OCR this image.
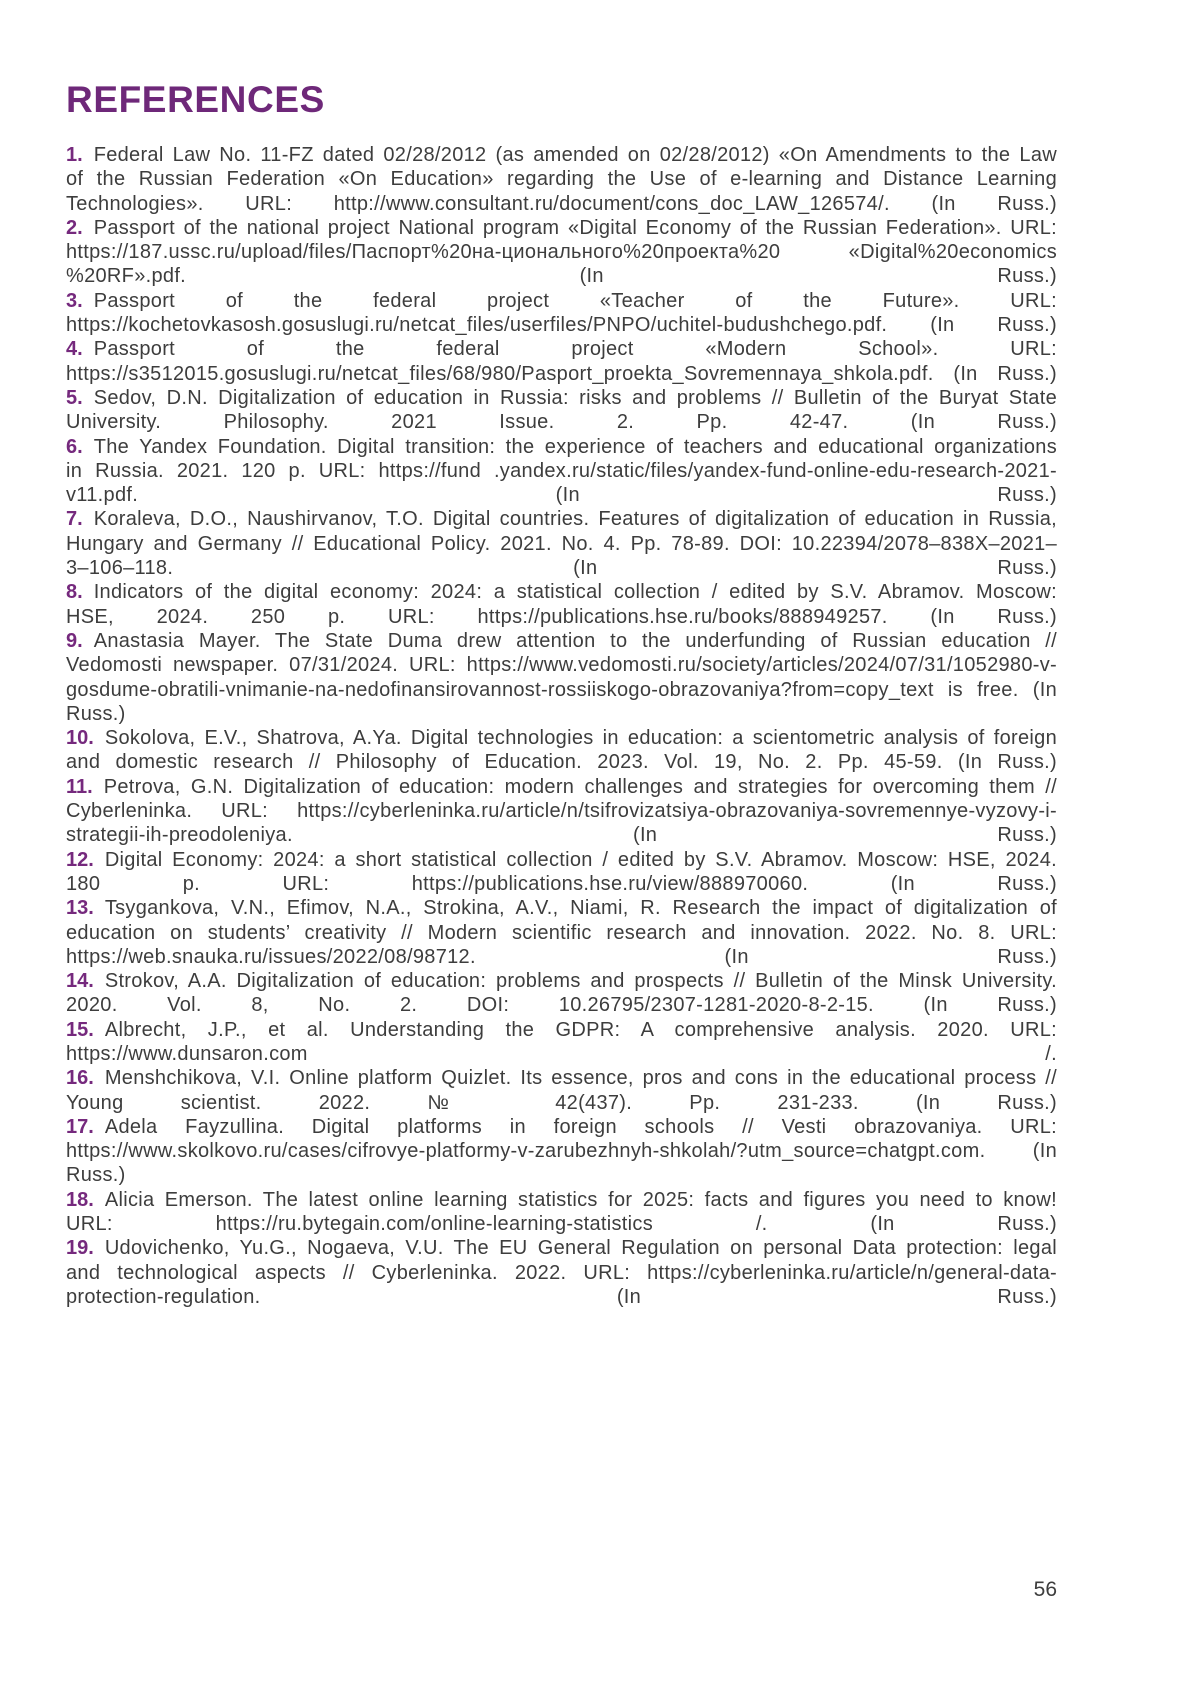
REFERENCES

1. Federal Law No. 11-FZ dated 02/28/2012 (as amended on 02/28/2012) «On Amendments to the Law of the Russian Federation «On Education» regarding the Use of e-learning and Distance Learning Technologies». URL: http://www.consultant.ru/document/cons_doc_LAW_126574/. (In Russ.)

2. Passport of the national project National program «Digital Economy of the Russian Federation». URL: https://187.ussc.ru/upload/files/Паспорт%20на-ционального%20проекта%20 «Digital%20economics %20RF».pdf. (In Russ.)

3. Passport of the federal project «Teacher of the Future». URL: https://kochetovkasosh.gosuslugi.ru/netcat_files/userfiles/PNPO/uchitel-budushchego.pdf. (In Russ.)

4. Passport of the federal project «Modern School». URL: https://s3512015.gosuslugi.ru/netcat_files/68/980/Pasport_proekta_Sovremennaya_shkola.pdf. (In Russ.)

5. Sedov, D.N. Digitalization of education in Russia: risks and problems // Bulletin of the Buryat State University. Philosophy. 2021 Issue. 2. Pp. 42-47. (In Russ.)

6. The Yandex Foundation. Digital transition: the experience of teachers and educational organizations in Russia. 2021. 120 p. URL: https://fund .yandex.ru/static/files/yandex-fund-online-edu-research-2021-v11.pdf. (In Russ.)

7. Koraleva, D.O., Naushirvanov, T.O. Digital countries. Features of digitalization of education in Russia, Hungary and Germany // Educational Policy. 2021. No. 4. Pp. 78-89. DOI: 10.22394/2078–838X–2021–3–106–118. (In Russ.)

8. Indicators of the digital economy: 2024: a statistical collection / edited by S.V. Abramov. Moscow: HSE, 2024. 250 p. URL: https://publications.hse.ru/books/888949257. (In Russ.)

9. Anastasia Mayer. The State Duma drew attention to the underfunding of Russian education // Vedomosti newspaper. 07/31/2024. URL: https://www.vedomosti.ru/society/articles/2024/07/31/1052980-v-gosdume-obratili-vnimanie-na-nedofinansirovannost-rossiiskogo-obrazovaniya?from=copy_text is free. (In Russ.)

10. Sokolova, E.V., Shatrova, A.Ya. Digital technologies in education: a scientometric analysis of foreign and domestic research // Philosophy of Education. 2023. Vol. 19, No. 2. Pp. 45-59. (In Russ.)

11. Petrova, G.N. Digitalization of education: modern challenges and strategies for overcoming them // Cyberleninka. URL: https://cyberleninka.ru/article/n/tsifrovizatsiya-obrazovaniya-sovremennye-vyzovy-i-strategii-ih-preodoleniya. (In Russ.)

12. Digital Economy: 2024: a short statistical collection / edited by S.V. Abramov. Moscow: HSE, 2024. 180 p. URL: https://publications.hse.ru/view/888970060. (In Russ.)

13. Tsygankova, V.N., Efimov, N.A., Strokina, A.V., Niami, R. Research the impact of digitalization of education on students’ creativity // Modern scientific research and innovation. 2022. No. 8. URL: https://web.snauka.ru/issues/2022/08/98712. (In Russ.)

14. Strokov, A.A. Digitalization of education: problems and prospects // Bulletin of the Minsk University. 2020. Vol. 8, No. 2. DOI: 10.26795/2307-1281-2020-8-2-15. (In Russ.)

15. Albrecht, J.P., et al. Understanding the GDPR: A comprehensive analysis. 2020. URL: https://www.dunsaron.com /.

16. Menshchikova, V.I. Online platform Quizlet. Its essence, pros and cons in the educational process // Young scientist. 2022. № 42(437). Pp. 231-233. (In Russ.)

17. Adela Fayzullina. Digital platforms in foreign schools // Vesti obrazovaniya. URL: https://www.skolkovo.ru/cases/cifrovye-platformy-v-zarubezhnyh-shkolah/?utm_source=chatgpt.com. (In Russ.)

18. Alicia Emerson. The latest online learning statistics for 2025: facts and figures you need to know! URL: https://ru.bytegain.com/online-learning-statistics /. (In Russ.)

19. Udovichenko, Yu.G., Nogaeva, V.U. The EU General Regulation on personal Data protection: legal and technological aspects // Cyberleninka. 2022. URL: https://cyberleninka.ru/article/n/general-data-protection-regulation. (In Russ.)

56
